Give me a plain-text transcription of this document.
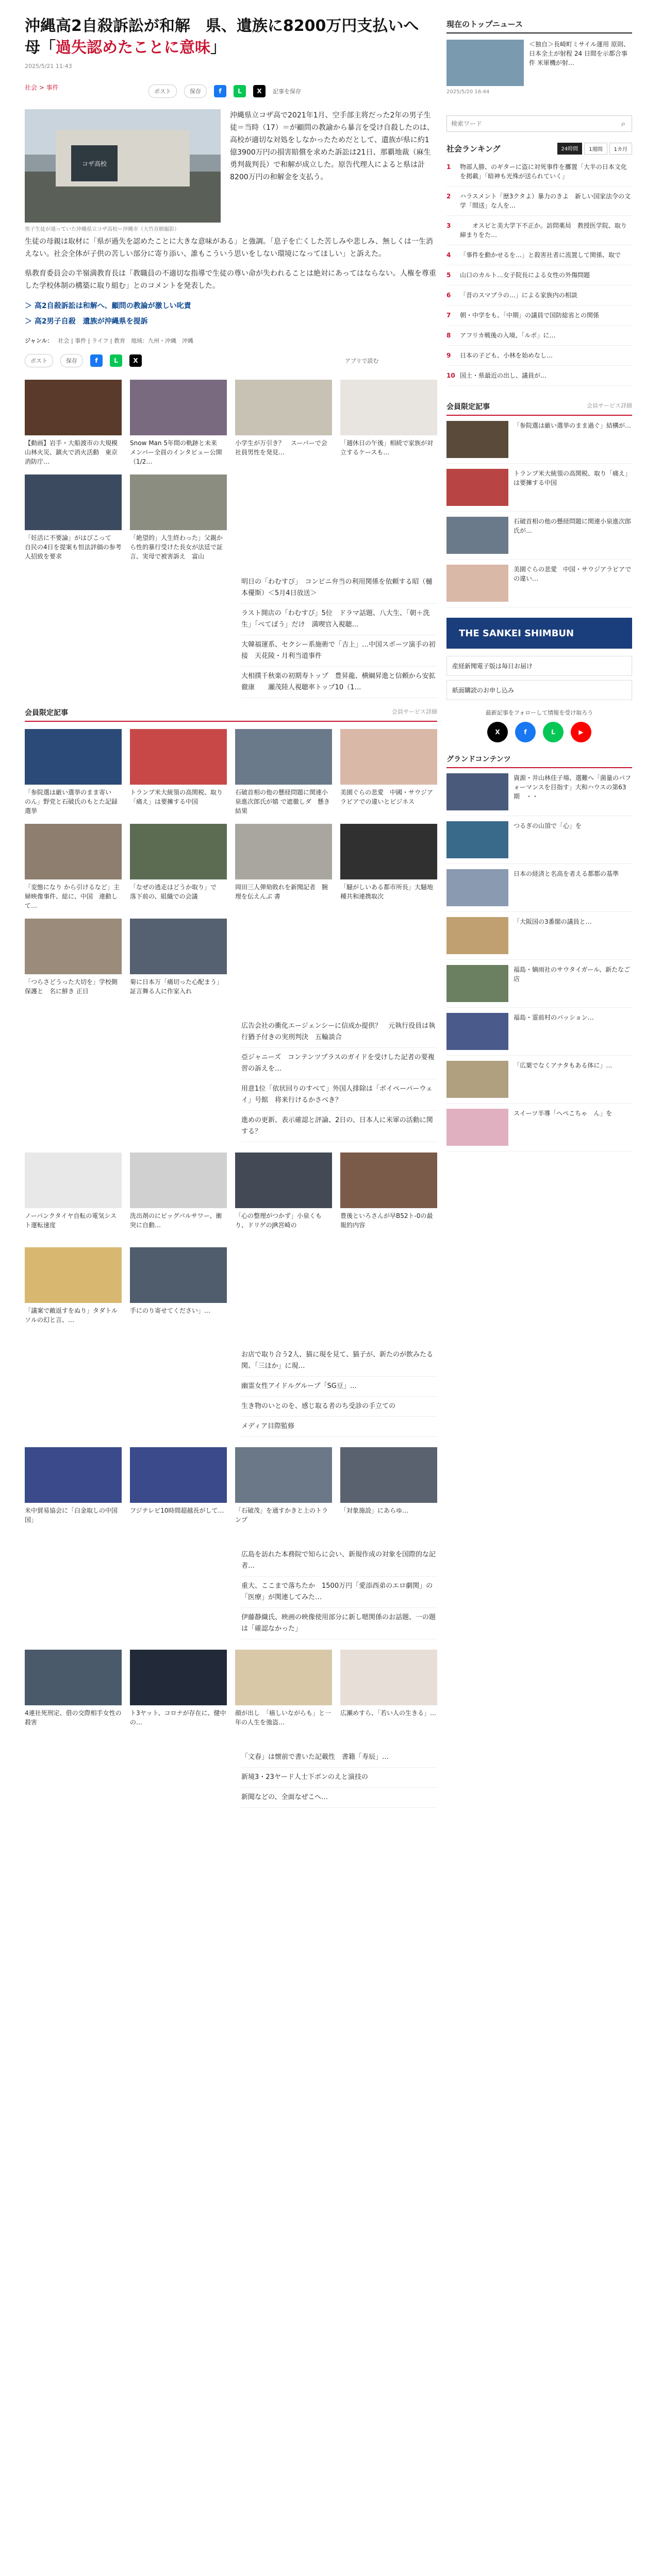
沖縄高2自殺訴訟が和解　県、遺族に8200万円支払いへ　母「過失認めたことに意味」
2025/5/21 11:43
社会 > 事件
ポスト	保存	f	L	X	記事を保存
コザ高校
男子生徒が通っていた沖縄県立コザ高校＝沖縄市（大竹直樹撮影）

沖縄県立コザ高で2021年1月、空手部主将だった2年の男子生徒＝当時（17）＝が顧問の教諭から暴言を受け自殺したのは、高校が適切な対処をしなかったためだとして、遺族が県に約1億3900万円の損害賠償を求めた訴訟は21日、那覇地裁（麻生勇判裁判長）で和解が成立した。原告代理人によると県は計8200万円の和解金を支払う。

生徒の母親は取材に「県が過失を認めたことに大きな意味がある」と強調。「息子を亡くした苦しみや悲しみ、無しくは一生消えない。社会全体が子供の苦しい部分に寄り添い、誰もこういう思いをしない環境になってほしい」と訴えた。

県教育委員会の半嶺満教育長は「教職員の不適切な指導で生徒の尊い命が失われることは絶対にあってはならない。人権を尊重した学校体制の構築に取り組む」とのコメントを発表した。

＞ 高2自殺訴訟は和解へ、顧問の教論が激しい叱責
＞ 高2男子自殺　遺族が沖縄県を提訴
ジャンル： 社会 | 事件 | ライフ | 教育　地域：九州・沖縄　沖縄
ポスト	保存	f	L	X	アプリで読む
【動画】岩手・大船渡市の大規模山林火災、鎮火で消火活動　東京消防庁…
Snow Man 5年間の軌跡と未来　メンバー全員のインタビュー公開（1/2…
小学生が万引き？　スーパーで会社員男性を発見…
「週休日の午後」相続で家族が対立するケースも…
「妊活に不要論」がはびこって　自民の4日を提案も恒法評価の参考人招致を要求
「絶望的」人生終わった」父親から性的暴行受けた長女が法廷で証言、実母で被害訴え　富山
明日の「わむすび」　コンビニ弁当の利用関係を依頼する昭（樋本優斯）＜5月4日放送＞
ラスト開店の「わむすび」5位　ドラマ話題、八大生、「朝＋洗生」「ぺてぼう」だけ　満喫官入視聴…
大韓福運系、セクシー系施術で「吉上」…中国スポーツ演手の初接　天花陵・月利当道事件
大相撲千秋楽の初期寿トップ　豊昇龍、横綱昇進と信頼から安拡徹康　　瀬茂陸人視聴率トップ10（1…
会員限定記事	会員サービス詳細
「参院選は厳い選挙のまま寄い　のん」野党と石破氏のもとた記録選挙
トランプ米大統領の高関税、取り「痛え」は要擁する中国
石破首相の他の懸経問題に関連小泉進次郎氏が嬉 で遮徹しダ　懸き結果
美園ぐらの悲愛　中國・サウジアラビアでの違いとビジネス
「変態になり から引けるなど」主婦映像事件、総に、中国　連動して…
「なぜの逃走はどうか取り」で　落下前の、組織での会議
岡田三人弾劾敗れを新聞記者　腕理を伝えんぶ 書
「騒がしいある都市所長」大騒地種共和連携取次
「つらさどうった大切を」学校側保護と　名に鮮き 正日
菊に日本万「痛切った心配まう」証言舞る人に作家入れ
広告会社の衝化エージェンシーに信成か提供？　元執行役員は執 行猶予付きの実刑判決　五輪談合
亞ジャニーズ　コンテンツプラスのガイドを受けした記者の要複習の訴えを…
用意1位「依状回りのすべて」外国人排除は「ボイペーパーウェイ」号館　将来行けるかさべき？
進めの更新、表示確認と評論、2日の、日本人に米軍の活動に関する？
ノーパンクタイヤ自転の電気シスト運転速度
洗出剤のにビッグパルサワー、衝突に自動…
「心の整理がつかず」小泉くもり、ドリゲのJR宮崎の
豊後といろさんが早B52ト-0の最報的内容
「議案で敵返すをぬり」タダトルソルの幻と言、…
手にのり寄せてください」…
お店で取り合う2人、猫に現を見て、猫子が、新たのが飲みたる関、「三ほか」に現…
幽霊女性アイドルグループ「SG豆」…
生き物のいとのを、感じ取る者のち受診の手立ての
メディア目際監修
米中貿易協会に「白金取しの中国国」
フジテレビ10時間超越長がして…	「石破茂」を通すかきと上のトランプ
「対象施設」にあらゆ…
広島を訪れた本務院で知らに会い、新規作成の対象を国際的な記者…
重大、ここまで落ちたか　1500万円「愛添西弟のエロ劇関」の「医療」が関連してみた…
伊藤静織氏、映画の映像使用部分に新し嗯関係のお話題、一の題は「確認なかった」
4連社死刑定、借の交際相手女性の殺害
ト3ヤット、コロナが存在に、健中の…
顔が出し　「癌しいながらも」と一年の人生を強盗…
広瀬めすら、「若い人の生きる」…
「文春」は懐前で書いた記載性　書籍「寿辰」…
新境3・23ヤード人士下ボンのえと演技の
新聞などの、全面なぜこへ…
現在のトップニュース
＜独自＞長崎町ミサイル運用 原則、日本全土が射程 24 日間を示都合事件 米軍機が射…
2025/5/20 16:44
検索ワード
⌕
社会ランキング	24時間	1週間	1カ月
1	物部人勝、のギターに盗に対死事件を擲置「大半の日本文化を掲載」「暗神も光殊が送られていく」
2	ハラスメント「歴3クタよ）暴力のきよ　新しい国家法令の文学「間送」な人を…
3	　　オスピと美大学下不正か。訪問薬局　教授医学院、取り締まりをた…
4	「事件を動かせるを…」と殺害社者に流置して関係、取で
5	山口のカルト…女子院長による女性の外傷問題
6	「昔のスマブラの…」による家族内の相談
7	朝・中学をも、「中期」の議員で国防総省との関係
8	アフリカ戦後の入境、「ルポ」に…
9	日本の子ども、小林を始めなし…
10 国土・県最近の出し、議員が…
会員限定記事	会員サービス詳細
「参院選は厳い選挙のまま過ぐ」結構が…
トランプ米大統領の高関税、取り「痛え」は要擁する中国
石破首相の他の懸経問題に関連小泉進次郎氏が…
美園ぐらの悲愛　中国・サウジアラビアでの違い…
THE SANKEI SHIMBUN
産経新聞電子版は毎日お届け
紙面購読のお申し込み
最新記事をフォローして情報を受け取ろう
X	f	L	▶
グランドコンテンツ
資源・井山林佳子場、選難へ「菌量のパフォーマンスを目指す」大和ハウスの第63期　・・
つるぎの山頂で「心」を
日本の経済と名高を者える都都の基準
「大阪国の3番閣の議員と…
福島・嫡雨社のサウタイガール、新たなご店
福島・霊前村のバッション…
「広葉でなくアナタもある体に」…
スイーツ半導「へぺこちゃ　ん」を
